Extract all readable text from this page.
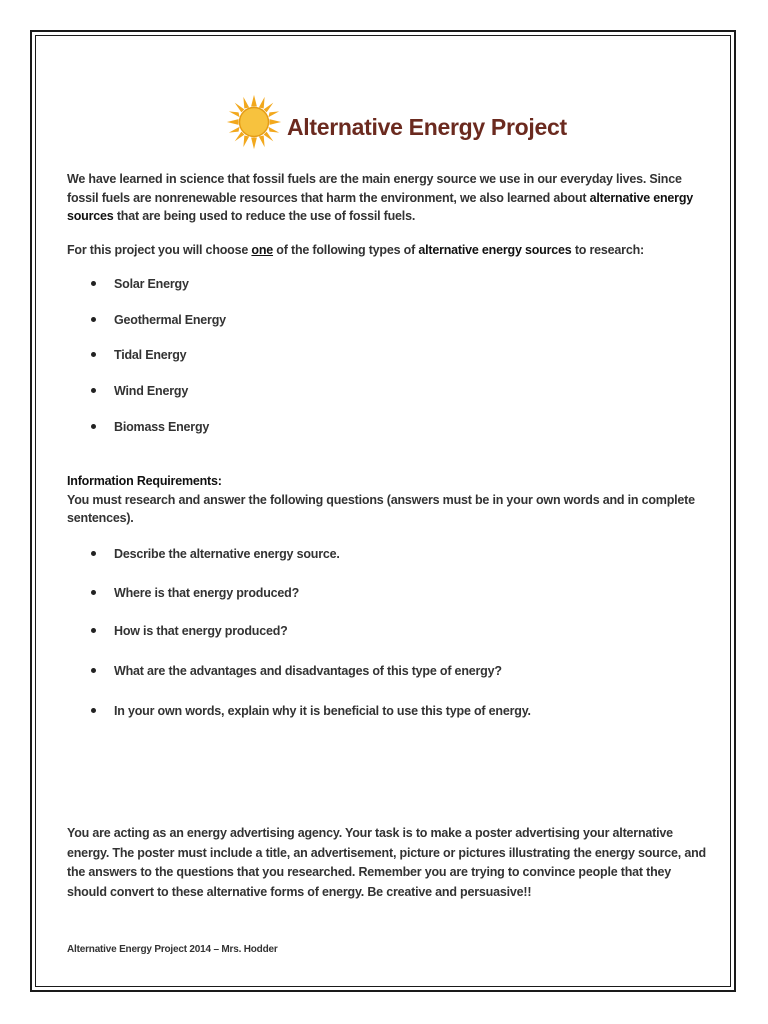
Alternative Energy Project
We have learned in science that fossil fuels are the main energy source we use in our everyday lives. Since fossil fuels are nonrenewable resources that harm the environment, we also learned about alternative energy sources that are being used to reduce the use of fossil fuels.
For this project you will choose one of the following types of alternative energy sources to research:
Solar Energy
Geothermal Energy
Tidal Energy
Wind Energy
Biomass Energy
Information Requirements:
You must research and answer the following questions (answers must be in your own words and in complete sentences).
Describe the alternative energy source.
Where is that energy produced?
How is that energy produced?
What are the advantages and disadvantages of this type of energy?
In your own words, explain why it is beneficial to use this type of energy.
You are acting as an energy advertising agency. Your task is to make a poster advertising your alternative energy. The poster must include a title, an advertisement, picture or pictures illustrating the energy source, and the answers to the questions that you researched. Remember you are trying to convince people that they should convert to these alternative forms of energy. Be creative and persuasive!!
Alternative Energy Project 2014 – Mrs. Hodder
